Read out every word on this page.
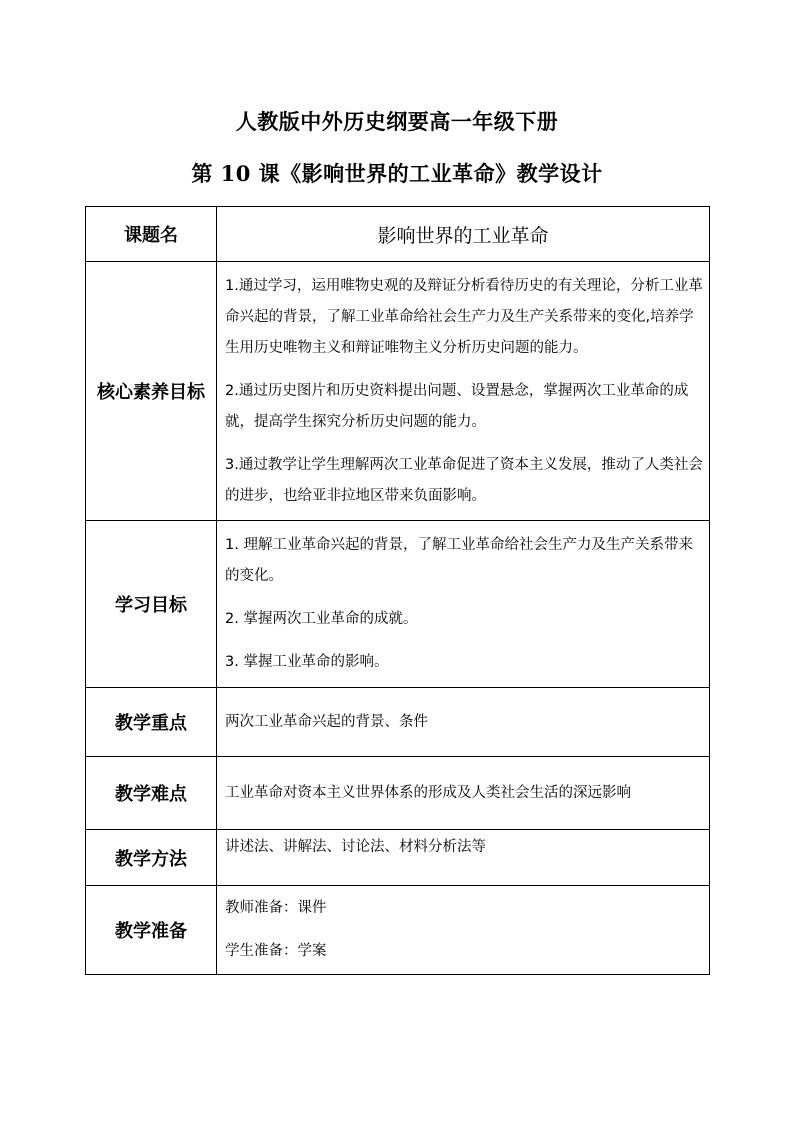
人教版中外历史纲要高一年级下册
第 10 课《影响世界的工业革命》教学设计
课题名	影响世界的工业革命
核心素养目标	1.通过学习，运用唯物史观的及辩证分析看待历史的有关理论，分析工业革命兴起的背景，了解工业革命给社会生产力及生产关系带来的变化,培养学生用历史唯物主义和辩证唯物主义分析历史问题的能力。

2.通过历史图片和历史资料提出问题、设置悬念，掌握两次工业革命的成就，提高学生探究分析历史问题的能力。

3.通过教学让学生理解两次工业革命促进了资本主义发展，推动了人类社会的进步，也给亚非拉地区带来负面影响。

学习目标	1. 理解工业革命兴起的背景，了解工业革命给社会生产力及生产关系带来的变化。

2. 掌握两次工业革命的成就。

3. 掌握工业革命的影响。

教学重点	两次工业革命兴起的背景、条件

教学难点	工业革命对资本主义世界体系的形成及人类社会生活的深远影响

教学方法	讲述法、讲解法、讨论法、材料分析法等

教学准备	教师准备：课件

学生准备：学案
